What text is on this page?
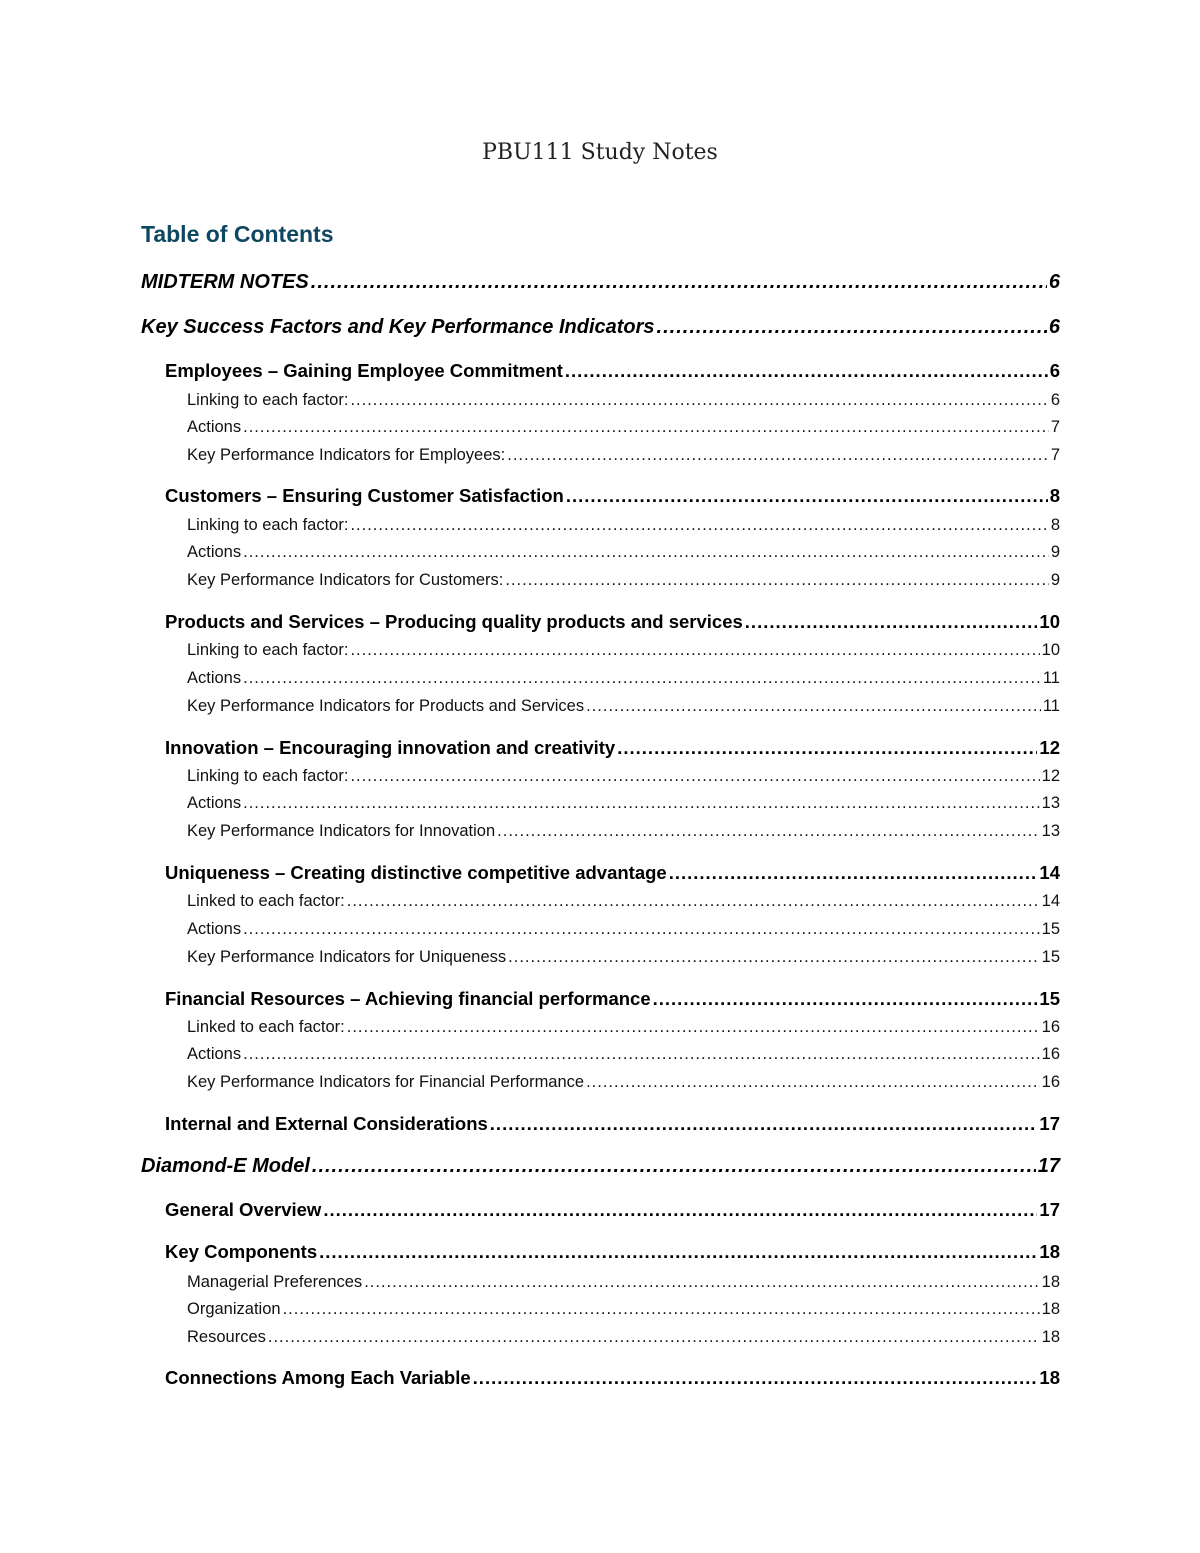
PBU111 Study Notes
Table of Contents
MIDTERM NOTES .....	6
Key Success Factors and Key Performance Indicators .....	6
Employees – Gaining Employee Commitment .....	6
Linking to each factor: .....	6
Actions .....	7
Key Performance Indicators for Employees: .....	7
Customers – Ensuring Customer Satisfaction .....	8
Linking to each factor: .....	8
Actions .....	9
Key Performance Indicators for Customers: .....	9
Products and Services – Producing quality products and services .....	10
Linking to each factor: .....	10
Actions .....	11
Key Performance Indicators for Products and Services .....	11
Innovation – Encouraging innovation and creativity .....	12
Linking to each factor: .....	12
Actions .....	13
Key Performance Indicators for Innovation .....	13
Uniqueness – Creating distinctive competitive advantage .....	14
Linked to each factor: .....	14
Actions .....	15
Key Performance Indicators for Uniqueness .....	15
Financial Resources – Achieving financial performance .....	15
Linked to each factor: .....	16
Actions .....	16
Key Performance Indicators for Financial Performance .....	16
Internal and External Considerations .....	17
Diamond-E Model .....	17
General Overview .....	17
Key Components .....	18
Managerial Preferences .....	18
Organization .....	18
Resources .....	18
Connections Among Each Variable .....	18
